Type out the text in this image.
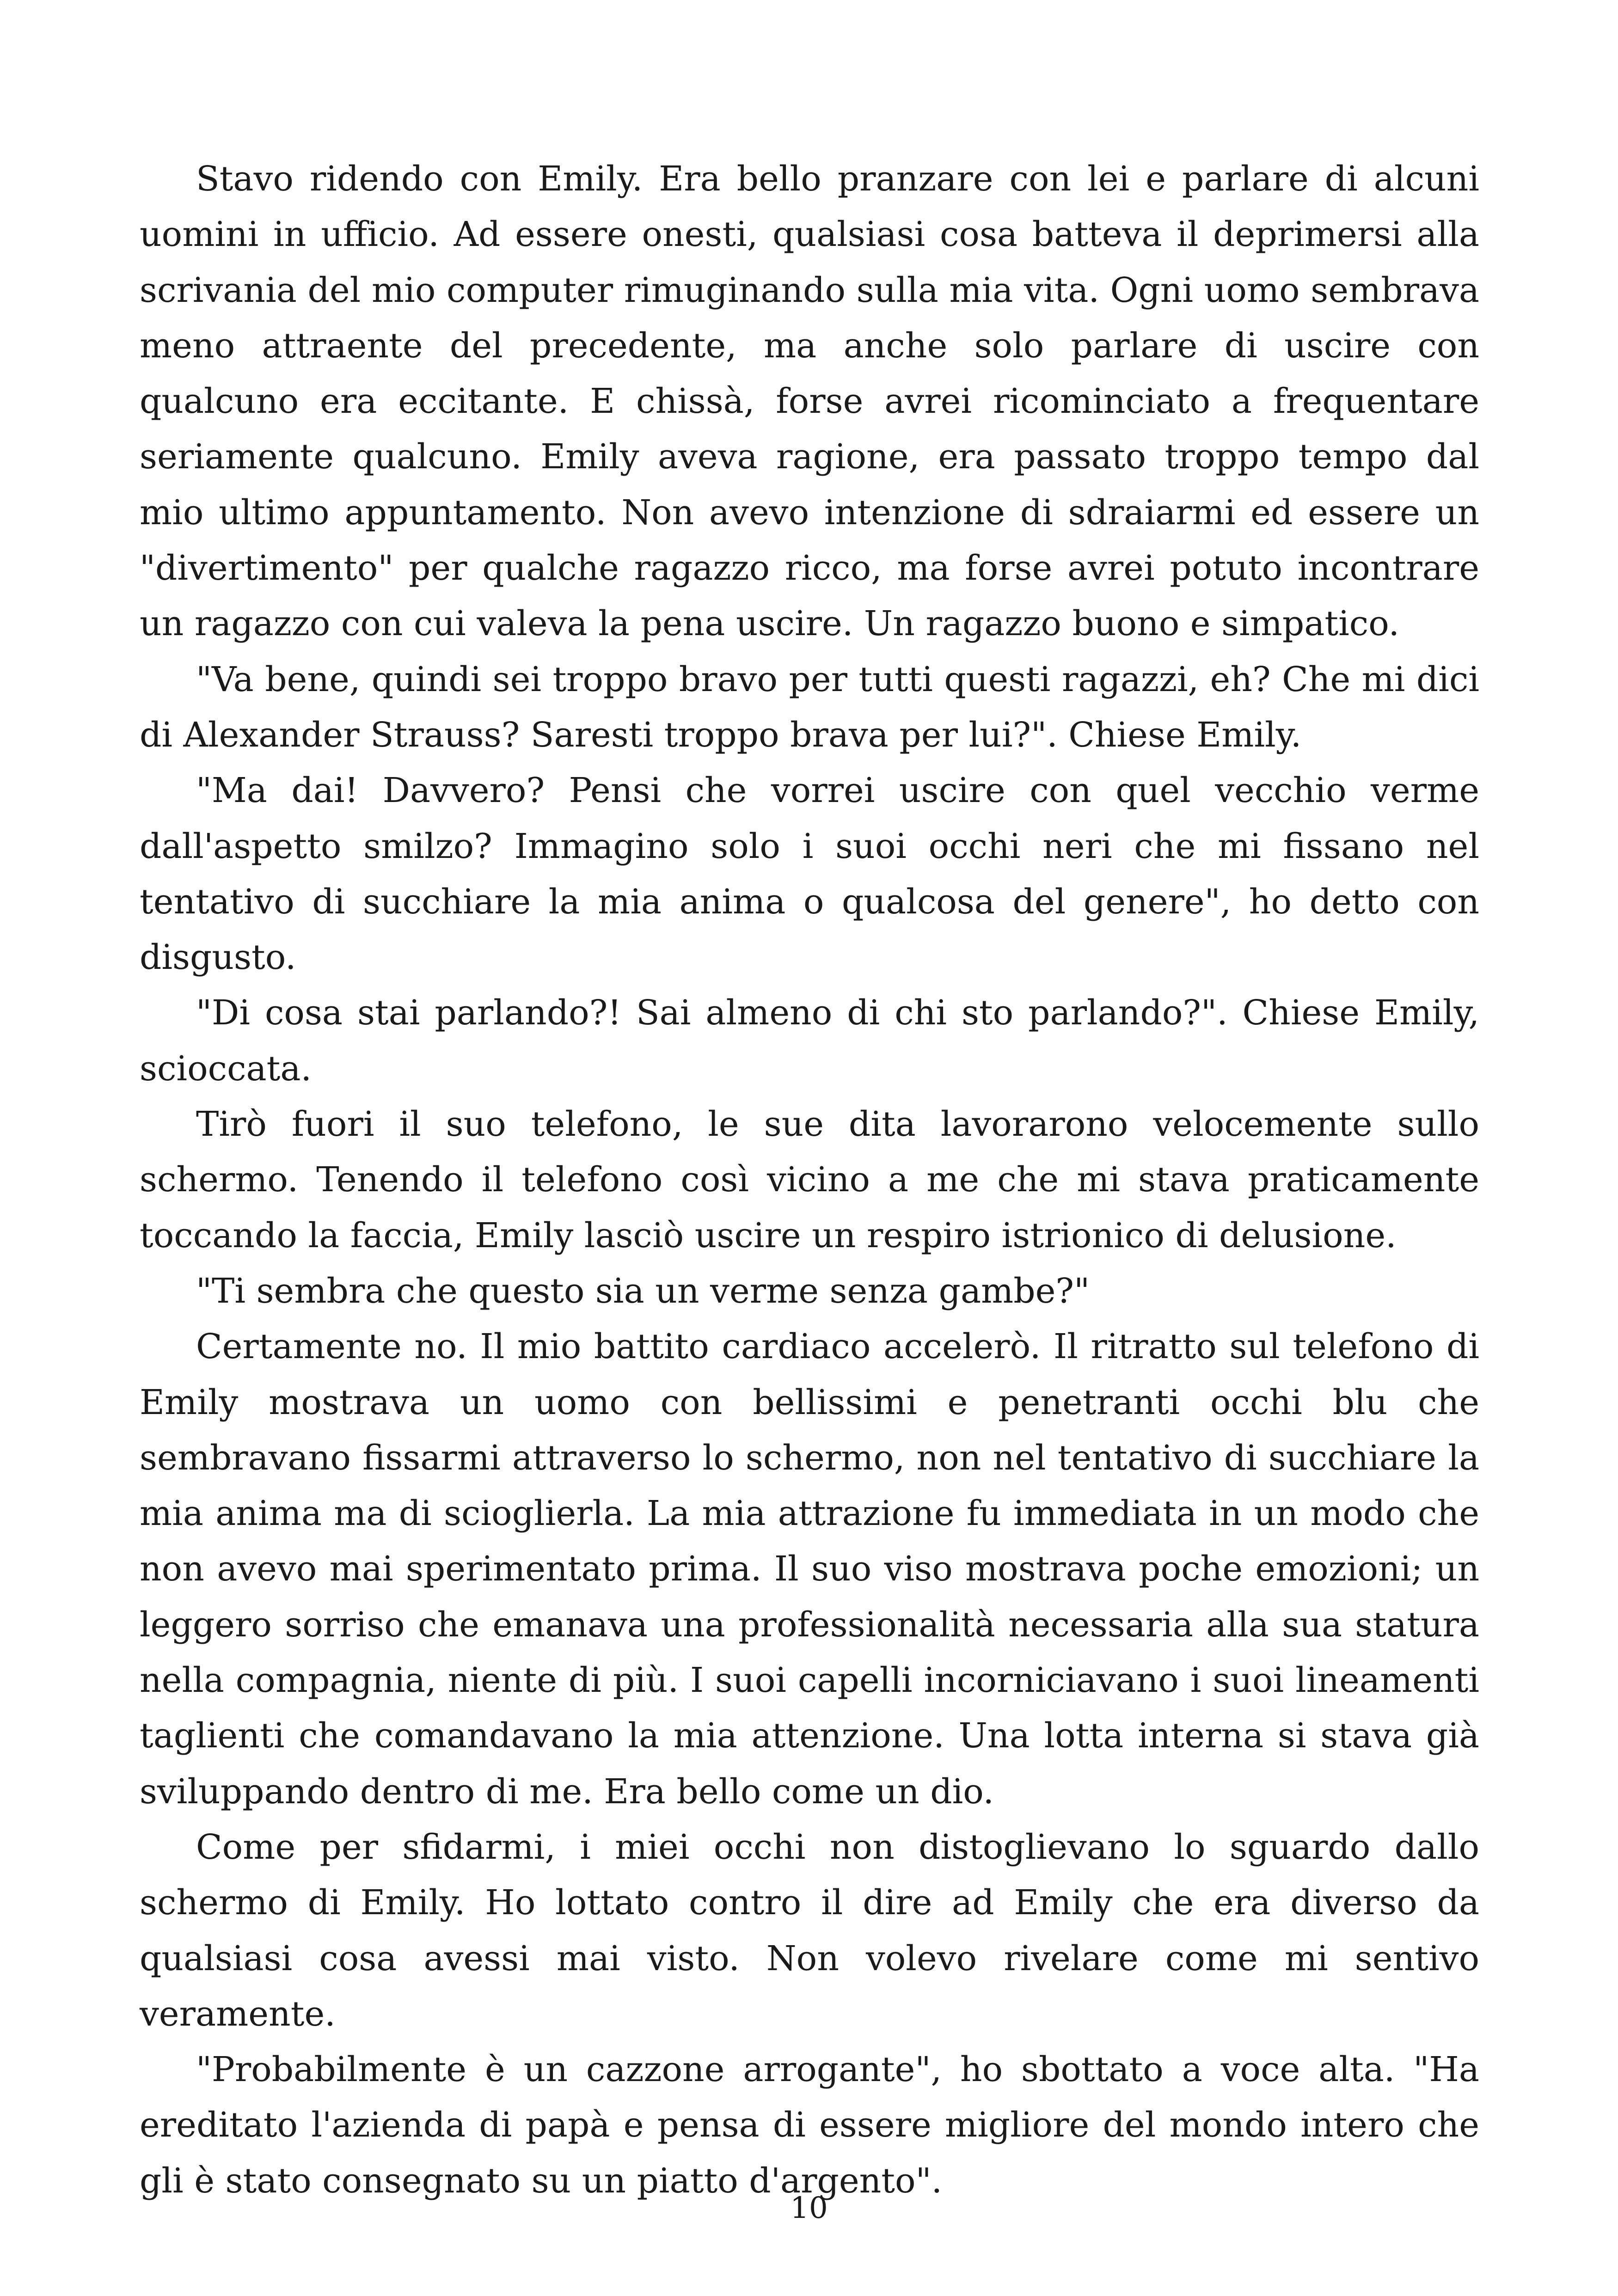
Stavo ridendo con Emily. Era bello pranzare con lei e parlare di alcuni uomini in ufficio. Ad essere onesti, qualsiasi cosa batteva il deprimersi alla scrivania del mio computer rimuginando sulla mia vita. Ogni uomo sembrava meno attraente del precedente, ma anche solo parlare di uscire con qualcuno era eccitante. E chissà, forse avrei ricominciato a frequentare seriamente qualcuno. Emily aveva ragione, era passato troppo tempo dal mio ultimo appuntamento. Non avevo intenzione di sdraiarmi ed essere un "divertimento" per qualche ragazzo ricco, ma forse avrei potuto incontrare un ragazzo con cui valeva la pena uscire. Un ragazzo buono e simpatico.

"Va bene, quindi sei troppo bravo per tutti questi ragazzi, eh? Che mi dici di Alexander Strauss? Saresti troppo brava per lui?". Chiese Emily.

"Ma dai! Davvero? Pensi che vorrei uscire con quel vecchio verme dall'aspetto smilzo? Immagino solo i suoi occhi neri che mi fissano nel tentativo di succhiare la mia anima o qualcosa del genere", ho detto con disgusto.

"Di cosa stai parlando?! Sai almeno di chi sto parlando?". Chiese Emily, scioccata.

Tirò fuori il suo telefono, le sue dita lavorarono velocemente sullo schermo. Tenendo il telefono così vicino a me che mi stava praticamente toccando la faccia, Emily lasciò uscire un respiro istrionico di delusione.

"Ti sembra che questo sia un verme senza gambe?"

Certamente no. Il mio battito cardiaco accelerò. Il ritratto sul telefono di Emily mostrava un uomo con bellissimi e penetranti occhi blu che sembravano fissarmi attraverso lo schermo, non nel tentativo di succhiare la mia anima ma di scioglierla. La mia attrazione fu immediata in un modo che non avevo mai sperimentato prima. Il suo viso mostrava poche emozioni; un leggero sorriso che emanava una professionalità necessaria alla sua statura nella compagnia, niente di più. I suoi capelli incorniciavano i suoi lineamenti taglienti che comandavano la mia attenzione. Una lotta interna si stava già sviluppando dentro di me. Era bello come un dio.

Come per sfidarmi, i miei occhi non distoglievano lo sguardo dallo schermo di Emily. Ho lottato contro il dire ad Emily che era diverso da qualsiasi cosa avessi mai visto. Non volevo rivelare come mi sentivo veramente.

"Probabilmente è un cazzone arrogante", ho sbottato a voce alta. "Ha ereditato l'azienda di papà e pensa di essere migliore del mondo intero che gli è stato consegnato su un piatto d'argento".

10
